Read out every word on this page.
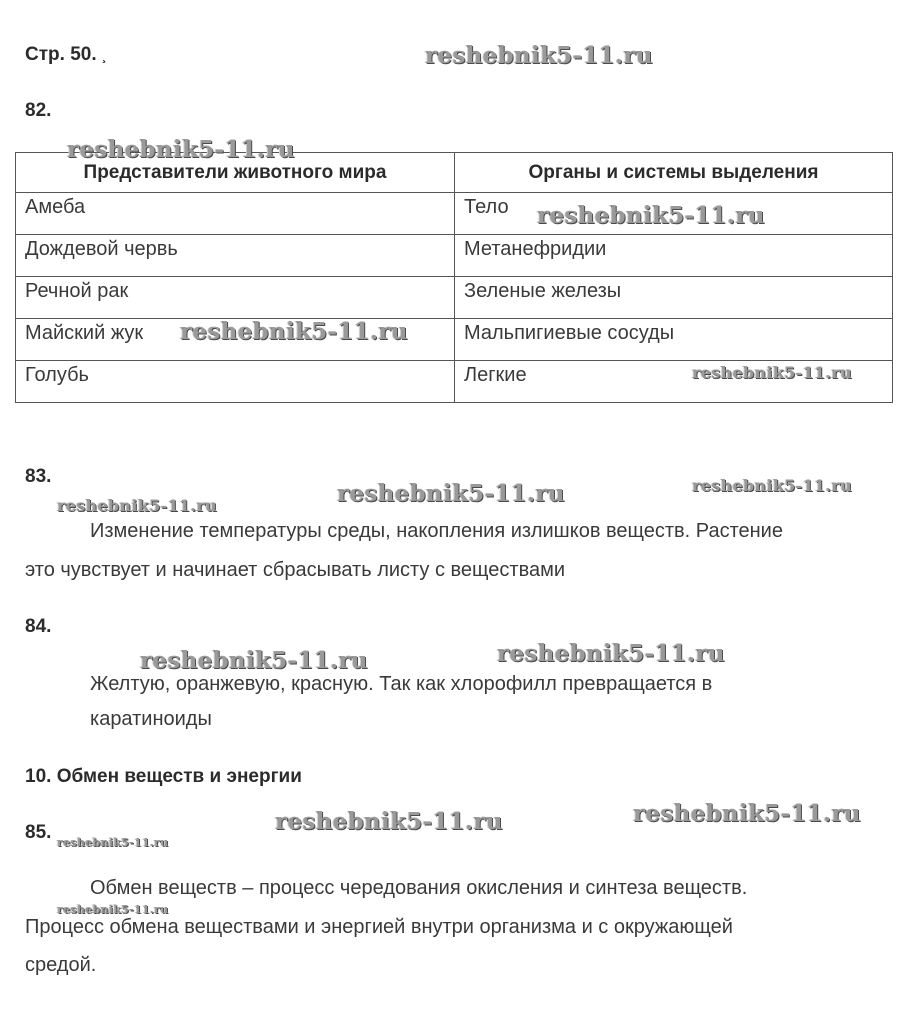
Стр. 50. ¸
82.
Представители животного мира	Органы и системы выделения
Амеба	Тело
Дождевой червь	Метанефридии
Речной рак	Зеленые железы
Майский жук	Мальпигиевые сосуды
Голубь	Легкие
83.
Изменение температуры среды, накопления излишков веществ. Растение
это чувствует и начинает сбрасывать листу с веществами
84.
Желтую, оранжевую, красную. Так как хлорофилл превращается в
каратиноиды
10. Обмен веществ и энергии
85.
Обмен веществ – процесс чередования окисления и синтеза веществ.
Процесс обмена веществами и энергией внутри организма и с окружающей
средой.
reshebnik5-11.ru
reshebnik5-11.ru
reshebnik5-11.ru
reshebnik5-11.ru
reshebnik5-11.ru
reshebnik5-11.ru	reshebnik5-11.ru	reshebnik5-11.ru
reshebnik5-11.ru	reshebnik5-11.ru
reshebnik5-11.ru
reshebnik5-11.ru
reshebnik5-11.ru
reshebnik5-11.ru
